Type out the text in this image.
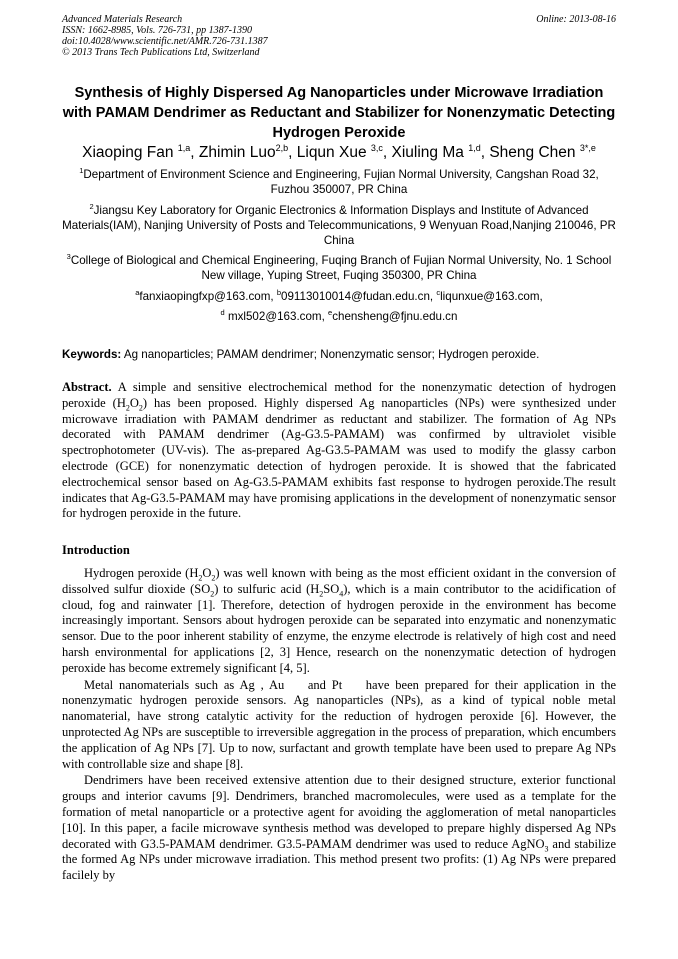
Advanced Materials Research
ISSN: 1662-8985, Vols. 726-731, pp 1387-1390
doi:10.4028/www.scientific.net/AMR.726-731.1387
© 2013 Trans Tech Publications Ltd, Switzerland
Online: 2013-08-16
Synthesis of Highly Dispersed Ag Nanoparticles under Microwave Irradiation with PAMAM Dendrimer as Reductant and Stabilizer for Nonenzymatic Detecting Hydrogen Peroxide
Xiaoping Fan $^{1,a}$, Zhimin Luo$^{2,b}$, Liqun Xue $^{3,c}$, Xiuling Ma $^{1,d}$, Sheng Chen $^{3*,e}$
$^1$Department of Environment Science and Engineering, Fujian Normal University, Cangshan Road 32, Fuzhou 350007, PR China
$^2$Jiangsu Key Laboratory for Organic Electronics & Information Displays and Institute of Advanced Materials(IAM), Nanjing University of Posts and Telecommunications, 9 Wenyuan Road,Nanjing 210046, PR China
$^3$College of Biological and Chemical Engineering, Fuqing Branch of Fujian Normal University, No. 1 School New village, Yuping Street, Fuqing 350300, PR China
$^a$fanxiaopingfxp@163.com, $^b$09113010014@fudan.edu.cn, $^c$liqunxue@163.com,
$^d$ mxl502@163.com, $^e$chensheng@fjnu.edu.cn
Keywords: Ag nanoparticles; PAMAM dendrimer; Nonenzymatic sensor; Hydrogen peroxide.
Abstract. A simple and sensitive electrochemical method for the nonenzymatic detection of hydrogen peroxide $(H_2O_2)$ has been proposed. Highly dispersed Ag nanoparticles (NPs) were synthesized under microwave irradiation with PAMAM dendrimer as reductant and stabilizer. The formation of Ag NPs decorated with PAMAM dendrimer (Ag-G3.5-PAMAM) was confirmed by ultraviolet visible spectrophotometer (UV-vis). The as-prepared Ag-G3.5-PAMAM was used to modify the glassy carbon electrode (GCE) for nonenzymatic detection of hydrogen peroxide. It is showed that the fabricated electrochemical sensor based on Ag-G3.5-PAMAM exhibits fast response to hydrogen peroxide.The result indicates that Ag-G3.5-PAMAM may have promising applications in the development of nonenzymatic sensor for hydrogen peroxide in the future.
Introduction

Hydrogen peroxide $(H_2O_2)$ was well known with being as the most efficient oxidant in the conversion of dissolved sulfur dioxide $(SO_2)$ to sulfuric acid $(H_2SO_4)$, which is a main contributor to the acidification of cloud, fog and rainwater [1]. Therefore, detection of hydrogen peroxide in the environment has become increasingly important. Sensors about hydrogen peroxide can be separated into enzymatic and nonenzymatic sensor. Due to the poor inherent stability of enzyme, the enzyme electrode is relatively of high cost and need harsh environmental for applications [2, 3] Hence, research on the nonenzymatic detection of hydrogen peroxide has become extremely significant [4, 5].

Metal nanomaterials such as Ag , Au    and Pt    have been prepared for their application in the nonenzymatic hydrogen peroxide sensors. Ag nanoparticles (NPs), as a kind of typical noble metal nanomaterial, have strong catalytic activity for the reduction of hydrogen peroxide [6]. However, the unprotected Ag NPs are susceptible to irreversible aggregation in the process of preparation, which encumbers the application of Ag NPs [7]. Up to now, surfactant and growth template have been used to prepare Ag NPs with controllable size and shape [8].

Dendrimers have been received extensive attention due to their designed structure, exterior functional groups and interior cavums [9]. Dendrimers, branched macromolecules, were used as a template for the formation of metal nanoparticle or a protective agent for avoiding the agglomeration of metal nanoparticles [10]. In this paper, a facile microwave synthesis method was developed to prepare highly dispersed Ag NPs decorated with G3.5-PAMAM dendrimer. G3.5-PAMAM dendrimer was used to reduce AgNO$_3$ and stabilize the formed Ag NPs under microwave irradiation. This method present two profits: (1) Ag NPs were prepared facilely by
